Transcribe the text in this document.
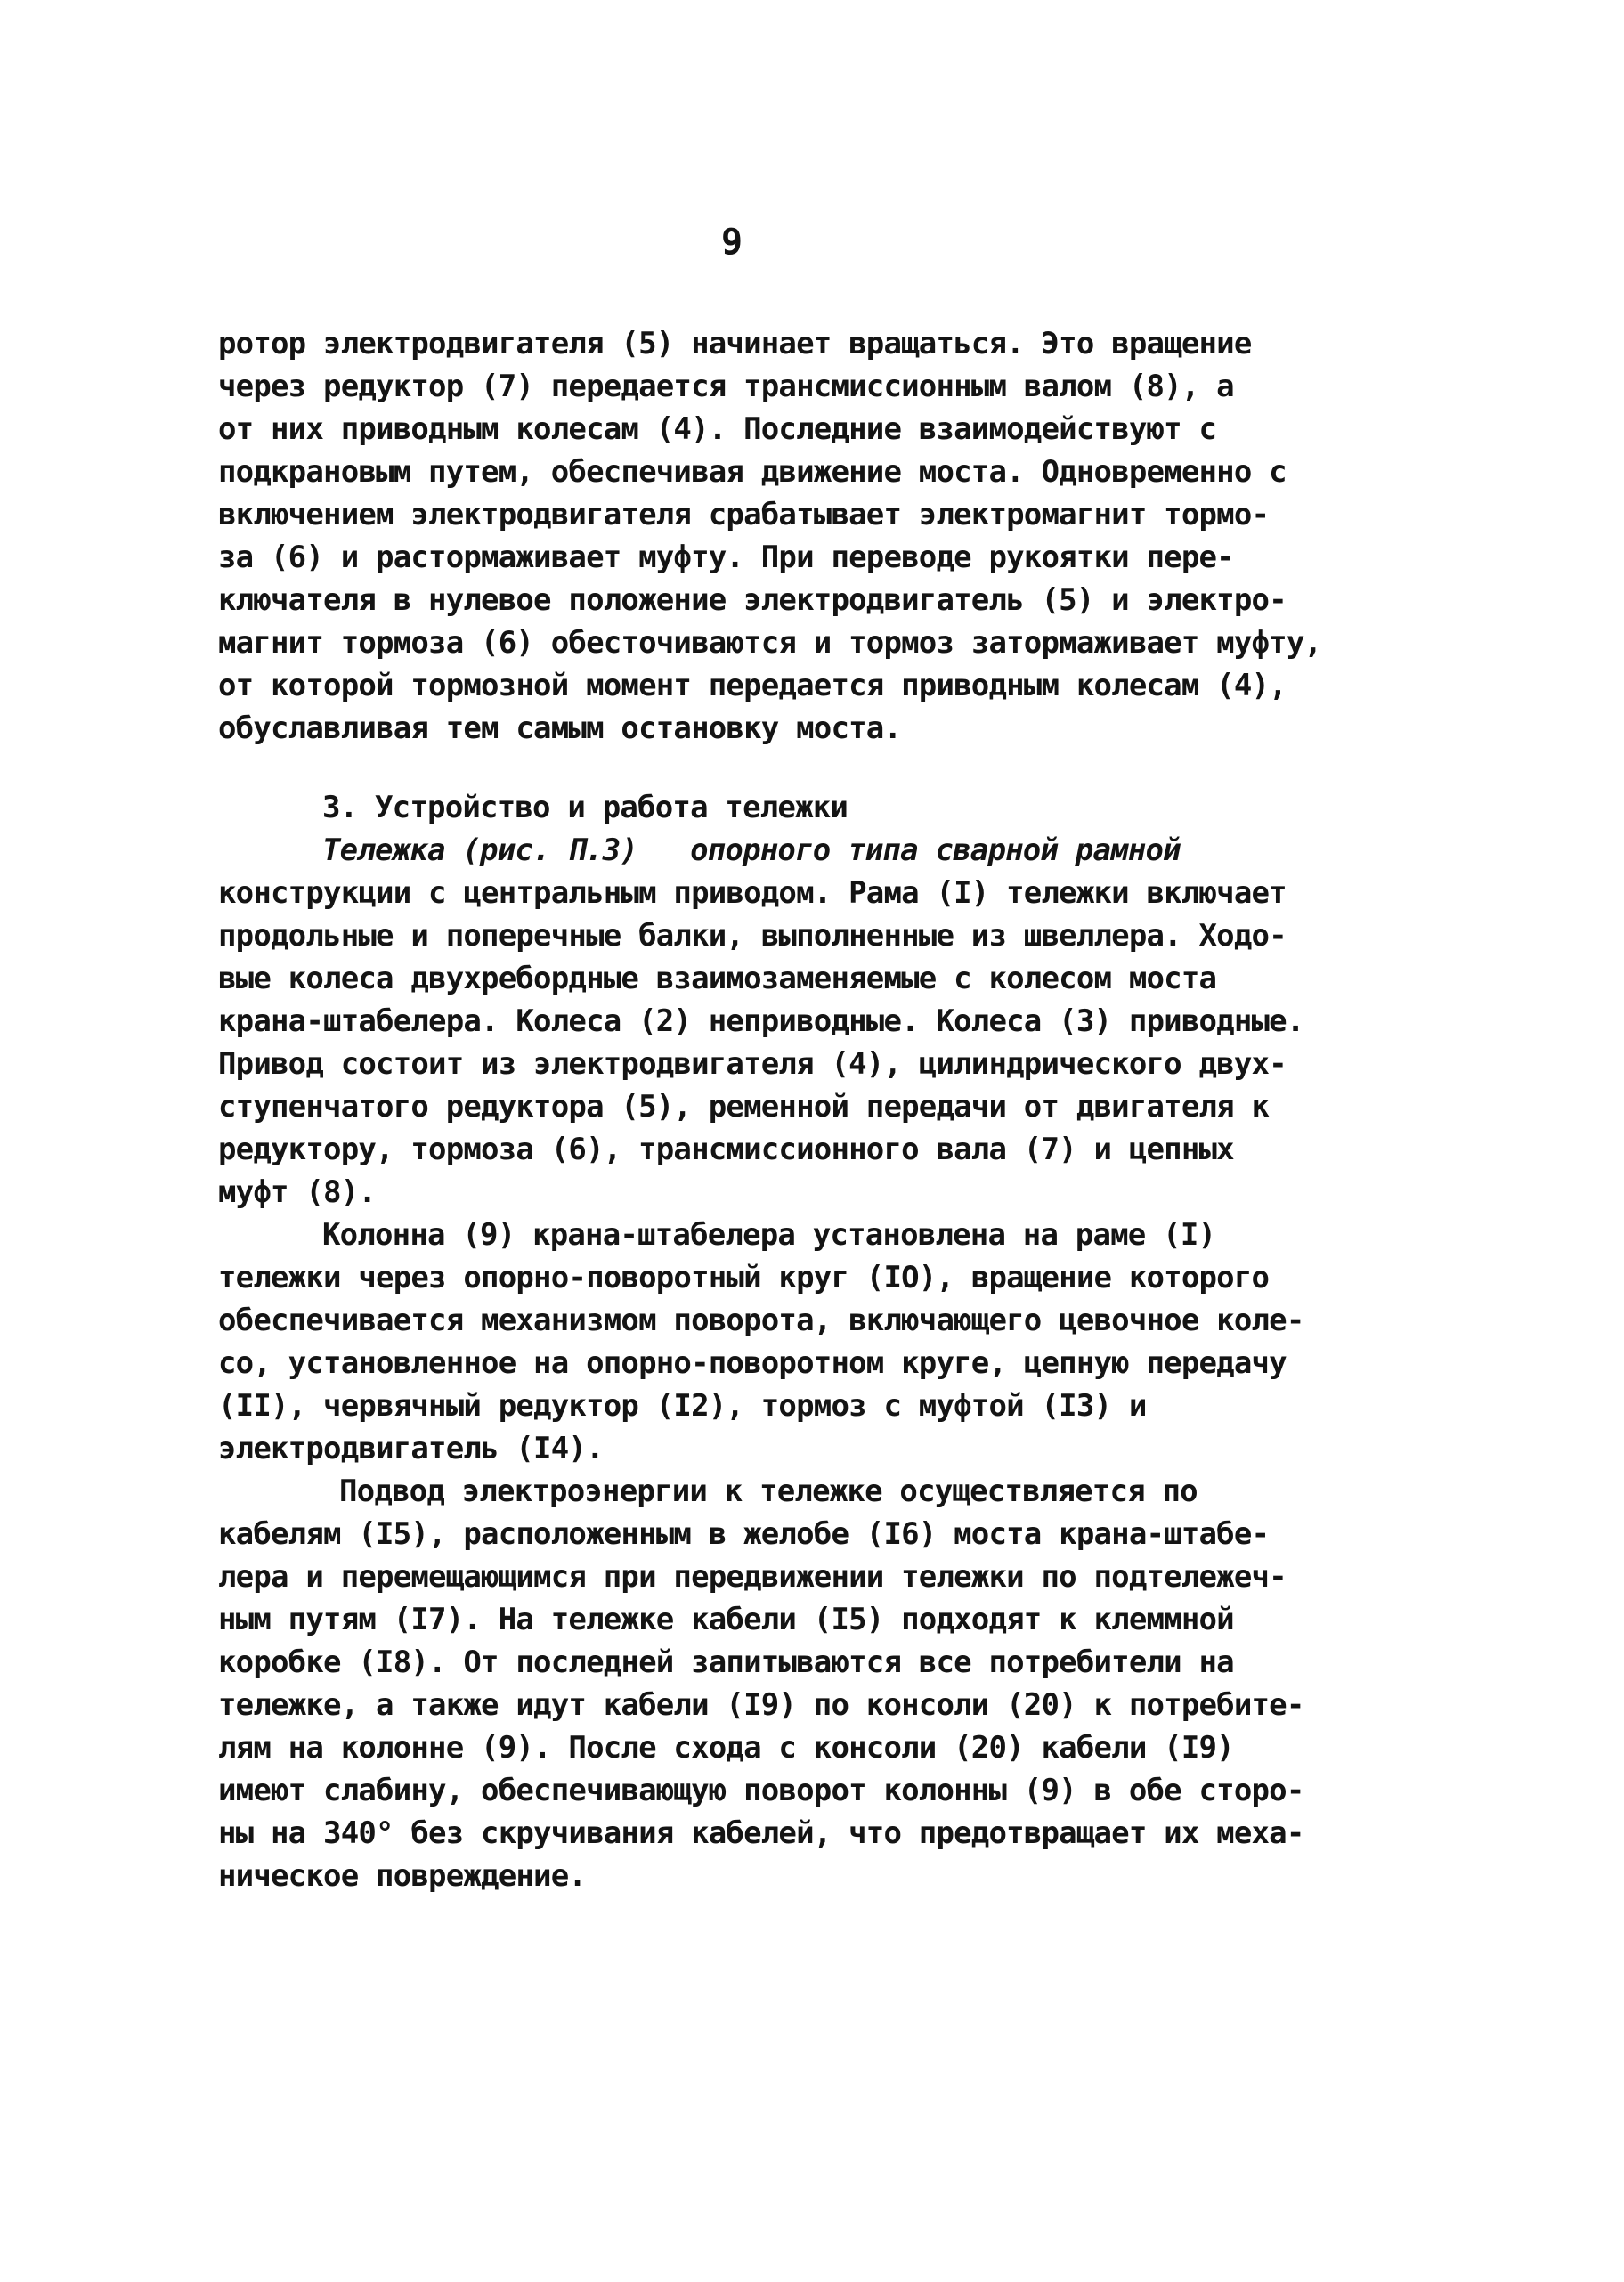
9
ротор электродвигателя (5) начинает вращаться. Это вращение
через редуктор (7) передается трансмиссионным валом (8), а
от них приводным колесам (4). Последние взаимодействуют с
подкрановым путем, обеспечивая движение моста. Одновременно с
включением электродвигателя срабатывает электромагнит тормо-
за (6) и растормаживает муфту. При переводе рукоятки пере-
ключателя в нулевое положение электродвигатель (5) и электро-
магнит тормоза (6) обесточиваются и тормоз затормаживает муфту,
от которой тормозной момент передается приводным колесам (4),
обуславливая тем самым остановку моста.
3. Устройство и работа тележки
Тележка (рис. П.3)   опорного типа сварной рамной
конструкции с центральным приводом. Рама (I) тележки включает
продольные и поперечные балки, выполненные из швеллера. Ходо-
вые колеса двухребордные взаимозаменяемые с колесом моста
крана-штабелера. Колеса (2) неприводные. Колеса (3) приводные.
Привод состоит из электродвигателя (4), цилиндрического двух-
ступенчатого редуктора (5), ременной передачи от двигателя к
редуктору, тормоза (6), трансмиссионного вала (7) и цепных
муфт (8).
Колонна (9) крана-штабелера установлена на раме (I)
тележки через опорно-поворотный круг (IO), вращение которого
обеспечивается механизмом поворота, включающего цевочное коле-
со, установленное на опорно-поворотном круге, цепную передачу
(II), червячный редуктор (I2), тормоз с муфтой (I3) и
электродвигатель (I4).
Подвод электроэнергии к тележке осуществляется по
кабелям (I5), расположенным в желобе (I6) моста крана-штабе-
лера и перемещающимся при передвижении тележки по подтележеч-
ным путям (I7). На тележке кабели (I5) подходят к клеммной
коробке (I8). От последней запитываются все потребители на
тележке, а также идут кабели (I9) по консоли (20) к потребите-
лям на колонне (9). После схода с консоли (20) кабели (I9)
имеют слабину, обеспечивающую поворот колонны (9) в обе сторо-
ны на 340° без скручивания кабелей, что предотвращает их меха-
ническое повреждение.
